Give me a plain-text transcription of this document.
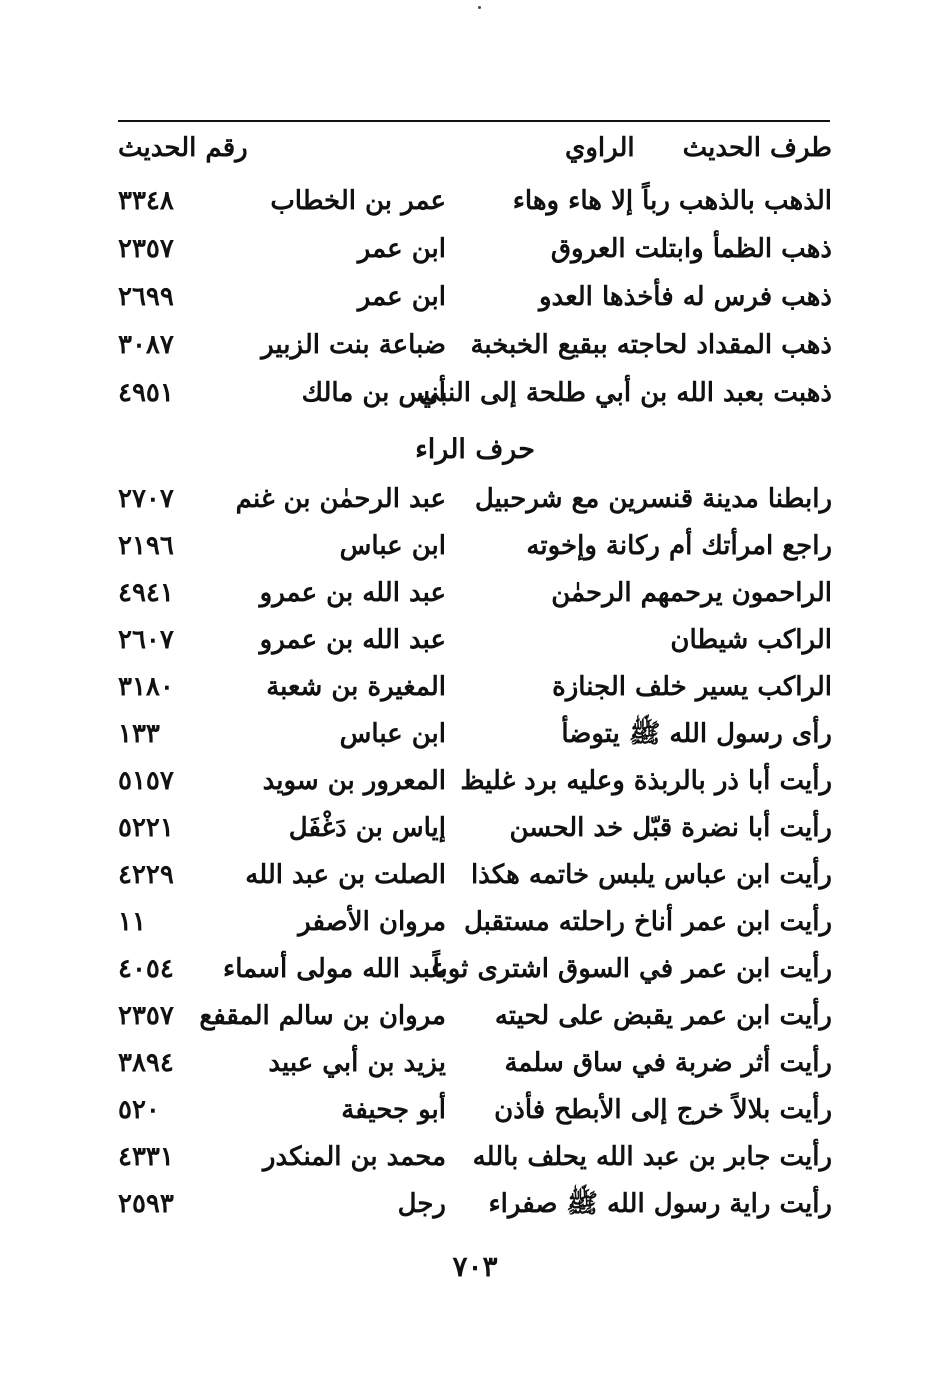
طرف الحديث
الراوي
رقم الحديث
الذهب بالذهب رباً إلا هاء وهاء
عمر بن الخطاب
٣٣٤٨
ذهب الظمأ وابتلت العروق
ابن عمر
٢٣٥٧
ذهب فرس له فأخذها العدو
ابن عمر
٢٦٩٩
ذهب المقداد لحاجته ببقيع الخبخبة
ضباعة بنت الزبير
٣٠٨٧
ذهبت بعبد الله بن أبي طلحة إلى النبي
أنس بن مالك
٤٩٥١
حرف الراء
رابطنا مدينة قنسرين مع شرحبيل
عبد الرحمٰن بن غنم
٢٧٠٧
راجع امرأتك أم ركانة وإخوته
ابن عباس
٢١٩٦
الراحمون يرحمهم الرحمٰن
عبد الله بن عمرو
٤٩٤١
الراكب شيطان
عبد الله بن عمرو
٢٦٠٧
الراكب يسير خلف الجنازة
المغيرة بن شعبة
٣١٨٠
رأى رسول الله ﷺ يتوضأ
ابن عباس
١٣٣
رأيت أبا ذر بالربذة وعليه برد غليظ
المعرور بن سويد
٥١٥٧
رأيت أبا نضرة قبّل خد الحسن
إياس بن دَغْفَل
٥٢٢١
رأيت ابن عباس يلبس خاتمه هكذا
الصلت بن عبد الله
٤٢٢٩
رأيت ابن عمر أناخ راحلته مستقبل
مروان الأصفر
١١
رأيت ابن عمر في السوق اشترى ثوباً
عبد الله مولى أسماء
٤٠٥٤
رأيت ابن عمر يقبض على لحيته
مروان بن سالم المقفع
٢٣٥٧
رأيت أثر ضربة في ساق سلمة
يزيد بن أبي عبيد
٣٨٩٤
رأيت بلالاً خرج إلى الأبطح فأذن
أبو جحيفة
٥٢٠
رأيت جابر بن عبد الله يحلف بالله
محمد بن المنكدر
٤٣٣١
رأيت راية رسول الله ﷺ صفراء
رجل
٢٥٩٣
٧٠٣
